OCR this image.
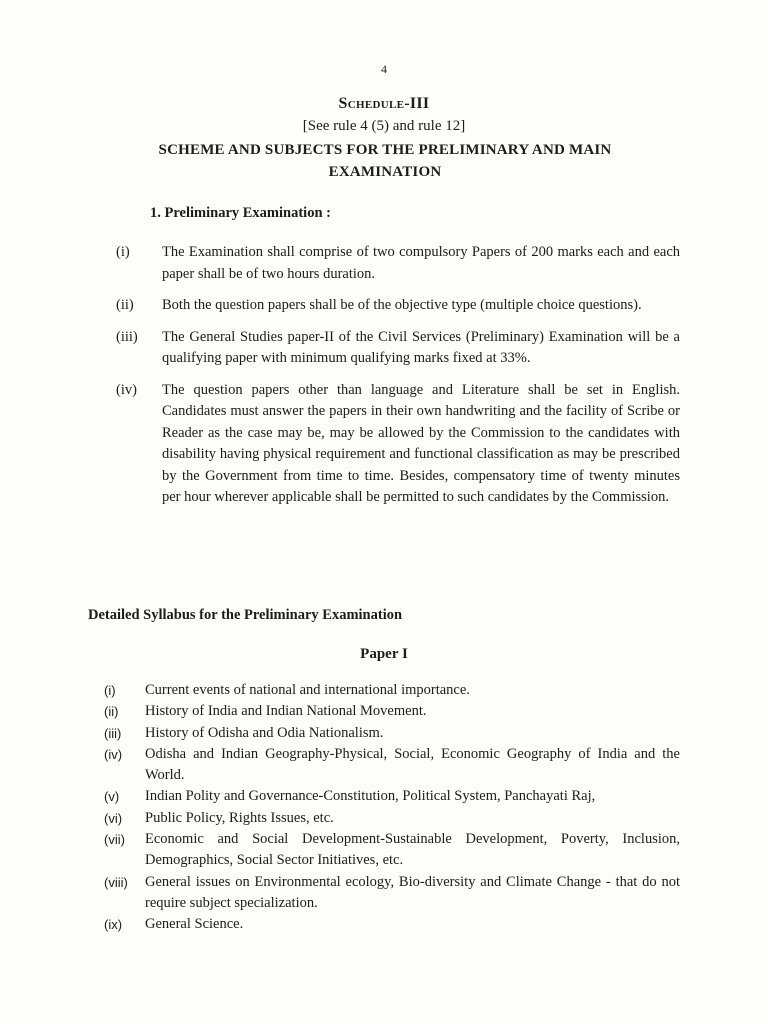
4
Schedule-III
[See rule 4 (5) and rule 12]
SCHEME AND SUBJECTS FOR THE PRELIMINARY AND MAIN EXAMINATION
1. Preliminary Examination :
(i) The Examination shall comprise of two compulsory Papers of 200 marks each and each paper shall be of two hours duration.
(ii) Both the question papers shall be of the objective type (multiple choice questions).
(iii) The General Studies paper-II of the Civil Services (Preliminary) Examination will be a qualifying paper with minimum qualifying marks fixed at 33%.
(iv) The question papers other than language and Literature shall be set in English. Candidates must answer the papers in their own handwriting and the facility of Scribe or Reader as the case may be, may be allowed by the Commission to the candidates with disability having physical requirement and functional classification as may be prescribed by the Government from time to time. Besides, compensatory time of twenty minutes per hour wherever applicable shall be permitted to such candidates by the Commission.
Detailed Syllabus for the Preliminary Examination
Paper I
(i) Current events of national and international importance.
(ii) History of India and Indian National Movement.
(iii) History of Odisha and Odia Nationalism.
(iv) Odisha and Indian Geography-Physical, Social, Economic Geography of India and the World.
(v) Indian Polity and Governance-Constitution, Political System, Panchayati Raj,
(vi) Public Policy, Rights Issues, etc.
(vii) Economic and Social Development-Sustainable Development, Poverty, Inclusion, Demographics, Social Sector Initiatives, etc.
(viii) General issues on Environmental ecology, Bio-diversity and Climate Change - that do not require subject specialization.
(ix) General Science.
